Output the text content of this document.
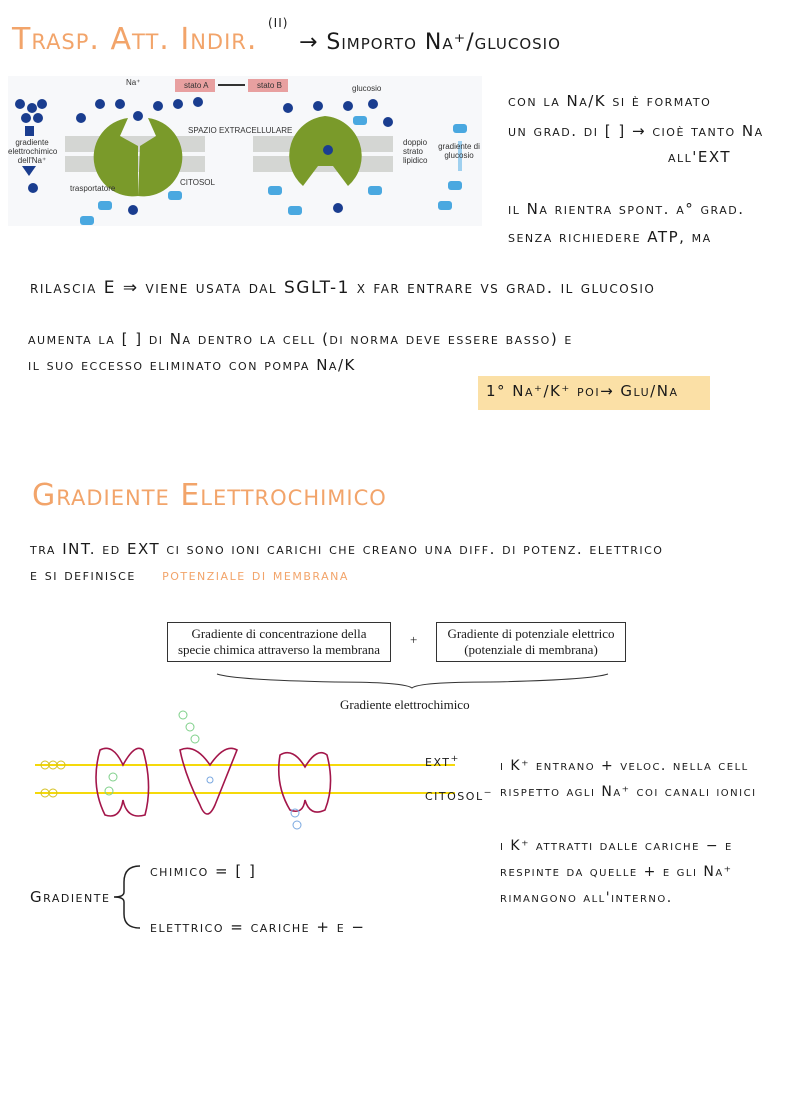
Trasp. Att. Indir. $^{(II)}$ → Simporto Na⁺/glucosio
stato A	stato B
Na⁺
glucosio
SPAZIO EXTRACELLULARE
CITOSOL
trasportatore
gradiente elettrochimico dell'Na⁺
doppio strato lipidico
gradiente di glucosio
con la Na/K si è formato
un grad. di [ ] → cioè tanto Na
all'EXT
il Na rientra spont. a° grad.
senza richiedere ATP, ma
rilascia E ⇒ viene usata dal SGLT-1 x far entrare vs grad. il glucosio
aumenta la [ ] di Na dentro la cell (di norma deve essere basso) e
il suo eccesso eliminato con pompa Na/K
1° Na⁺/K⁺ poi→ Glu/Na
Gradiente Elettrochimico
tra INT. ed EXT ci sono ioni carichi che creano una diff. di potenz. elettrico
e si definisce potenziale di membrana
Gradiente di concentrazione della specie chimica attraverso la membrana
+	Gradiente di potenziale elettrico (potenziale di membrana)
Gradiente elettrochimico
ext⁺
citosol⁻
i K⁺ entrano + veloc. nella cell
rispetto agli Na⁺ coi canali ionici
i K⁺ attratti dalle cariche − e
respinte da quelle + e gli Na⁺
rimangono all'interno.
Gradiente
chimico = [ ]
elettrico = cariche + e −
